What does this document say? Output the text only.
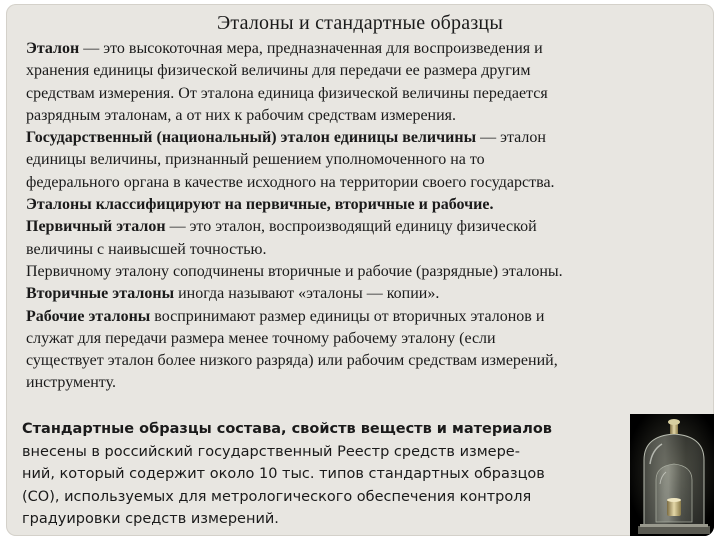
Эталоны и стандартные образцы
Эталон — это высокоточная мера, предназначенная для воспроизведения и
хранения единицы физической величины для передачи ее размера другим
средствам измерения. От эталона единица физической величины передается
разрядным эталонам, а от них к рабочим средствам измерения.
Государственный (национальный) эталон единицы величины — эталон
единицы величины, признанный решением уполномоченного на то
федерального органа в качестве исходного на территории своего государства.
Эталоны классифицируют на первичные, вторичные и рабочие.
Первичный эталон — это эталон, воспроизводящий единицу физической
величины с наивысшей точностью.
Первичному эталону соподчинены вторичные и рабочие (разрядные) эталоны.
Вторичные эталоны иногда называют «эталоны — копии».
Рабочие эталоны воспринимают размер единицы от вторичных эталонов и
служат для передачи размера менее точному рабочему эталону (если
существует эталон более низкого разряда) или рабочим средствам измерений,
инструменту.
Стандартные образцы состава, свойств веществ и материалов
внесены в российский государственный Реестр средств измере-
ний, который содержит около 10 тыс. типов стандартных образцов
(СО), используемых для метрологического обеспечения контроля
градуировки средств измерений.
